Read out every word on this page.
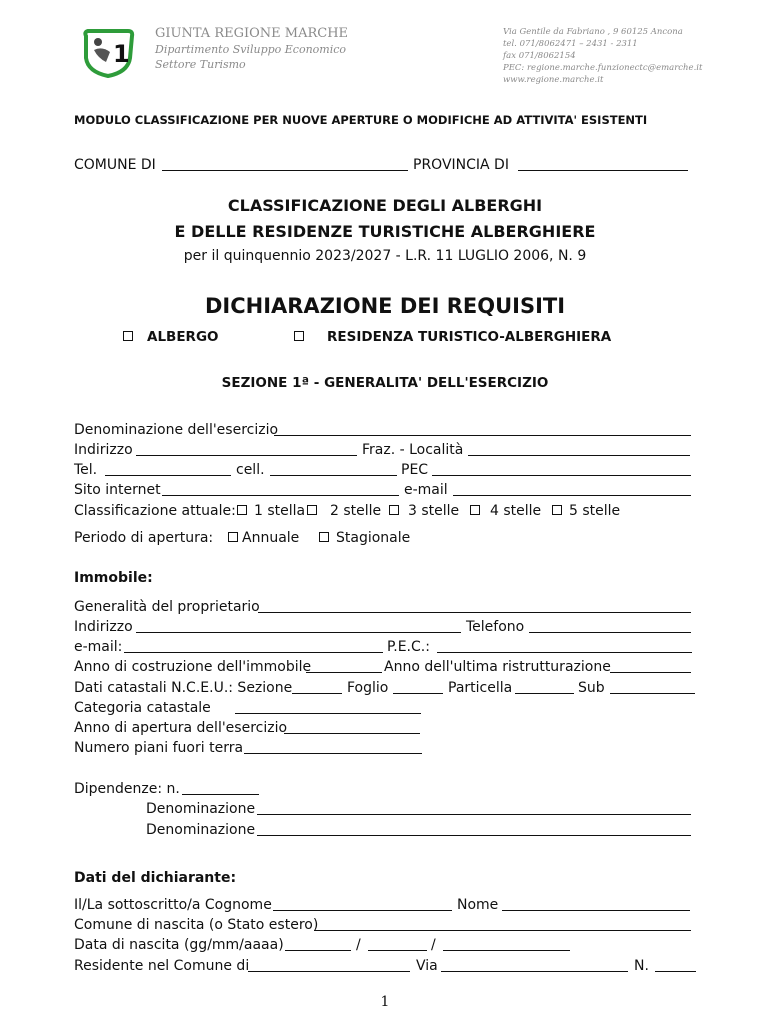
1
GIUNTA REGIONE MARCHE
Dipartimento Sviluppo Economico
Settore Turismo
Via Gentile da Fabriano , 9 60125 Ancona
tel. 071/8062471 – 2431 - 2311
fax 071/8062154
PEC: regione.marche.funzionectc@emarche.it
www.regione.marche.it
MODULO CLASSIFICAZIONE PER NUOVE APERTURE O MODIFICHE AD ATTIVITA' ESISTENTI
COMUNE DI	PROVINCIA DI
CLASSIFICAZIONE DEGLI ALBERGHI
E DELLE RESIDENZE TURISTICHE ALBERGHIERE
per il quinquennio 2023/2027 - L.R. 11 LUGLIO 2006, N. 9
DICHIARAZIONE DEI REQUISITI
ALBERGO	RESIDENZA TURISTICO-ALBERGHIERA
SEZIONE 1ª - GENERALITA' DELL'ESERCIZIO
Denominazione dell'esercizio
Indirizzo	Fraz. - Località
Tel.	cell.	PEC
Sito internet	e-mail
Classificazione attuale: 1 stella 2 stelle 3 stelle 4 stelle 5 stelle
Periodo di apertura: Annuale	Stagionale
Immobile:
Generalità del proprietario
Indirizzo	Telefono
e-mail:	P.E.C.:
Anno di costruzione dell'immobile	Anno dell'ultima ristrutturazione
Dati catastali N.C.E.U.: Sezione	Foglio	Particella	Sub
Categoria catastale
Anno di apertura dell'esercizio
Numero piani fuori terra
Dipendenze: n.
Denominazione
Denominazione
Dati del dichiarante:
Il/La sottoscritto/a Cognome	Nome
Comune di nascita (o Stato estero)
Data di nascita (gg/mm/aaaa)	/	/
Residente nel Comune di	Via	N.
1
